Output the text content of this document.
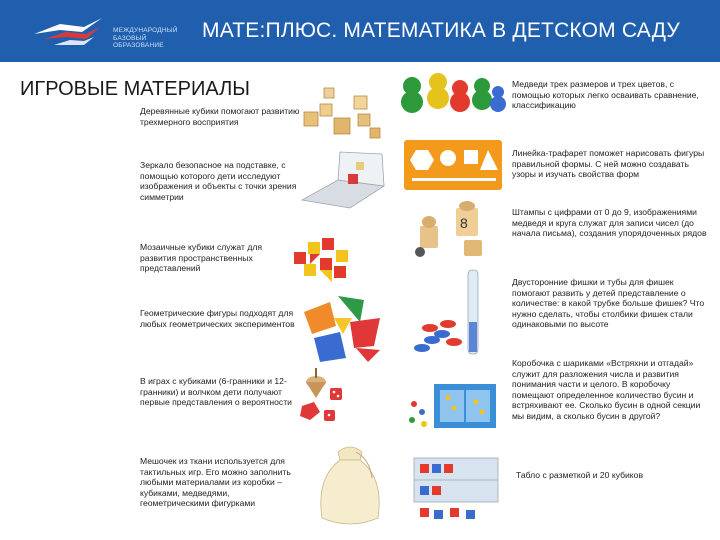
МЕЖДУНАРОДНЫЙ
БАЗОВЫЙ
ОБРАЗОВАНИЕ
МАТЕ:ПЛЮС. МАТЕМАТИКА В ДЕТСКОМ САДУ
ИГРОВЫЕ МАТЕРИАЛЫ
Деревянные кубики помогают развитию трехмерного восприятия
Зеркало безопасное на подставке, с помощью которого дети исследуют изображения и объекты с точки зрения симметрии
Мозаичные кубики служат для развития пространственных представлений
Геометрические фигуры подходят для любых геометрических экспериментов
В играх с кубиками (6-гранники и 12-гранники) и волчком дети получают первые представления о вероятности
Мешочек из ткани используется для тактильных игр. Его можно заполнить любыми материалами из коробки – кубиками, медведями, геометрическими фигурками
Медведи трех размеров и трех цветов, с помощью которых легко осваивать сравнение, классификацию
Линейка-трафарет поможет нарисовать фигуры правильной формы. С ней можно создавать узоры и изучать свойства форм
8
Штампы с цифрами от 0 до 9, изображениями медведя и круга служат для записи чисел (до начала письма), создания упорядоченных рядов
Двусторонние фишки и тубы для фишек помогают развить у детей представление о количестве: в какой трубке больше фишек? Что нужно сделать, чтобы столбики фишек стали одинаковыми по высоте
Коробочка с шариками «Встряхни и отгадай» служит для разложения числа и развития понимания части и целого. В коробочку помещают определенное количество бусин и встряхивают ее. Сколько бусин в одной секции мы видим, а сколько бусин в другой?
Табло с разметкой и 20 кубиков
